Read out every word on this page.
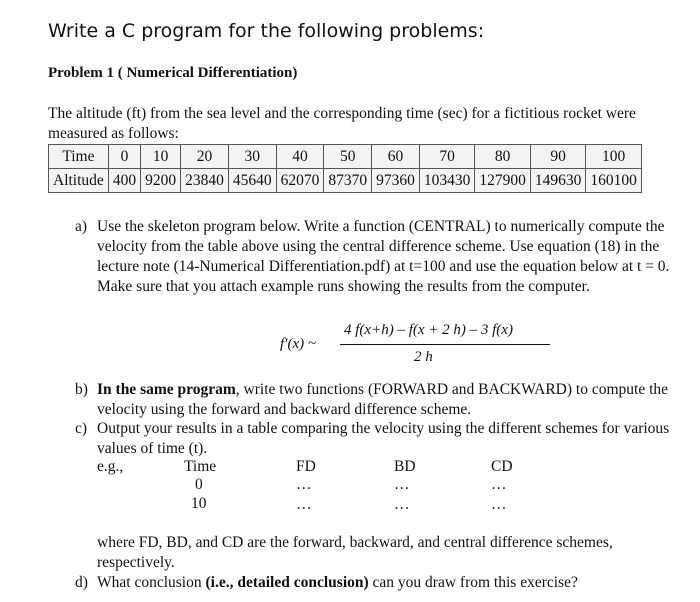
Write a C program for the following problems:
Problem 1 ( Numerical Differentiation)
The altitude (ft) from the sea level and the corresponding time (sec) for a fictitious rocket were measured as follows:
Time	0	10	20	30	40	50	60	70	80	90	100
Altitude	400	9200	23840	45640	62070	87370	97360	103430	127900	149630	160100
a) Use the skeleton program below. Write a function (CENTRAL) to numerically compute the velocity from the table above using the central difference scheme. Use equation (18) in the lecture note (14-Numerical Differentiation.pdf) at t=100 and use the equation below at t = 0. Make sure that you attach example runs showing the results from the computer.
f′(x) ~
4 f(x+h) – f(x + 2 h) – 3 f(x)
2 h
b) In the same program, write two functions (FORWARD and BACKWARD) to compute the velocity using the forward and backward difference scheme.
c) Output your results in a table comparing the velocity using the different schemes for various values of time (t).
e.g.,	Time	FD	BD	CD
0	…	…	…
10	…	…	…
where FD, BD, and CD are the forward, backward, and central difference schemes, respectively.
d) What conclusion (i.e., detailed conclusion) can you draw from this exercise?
